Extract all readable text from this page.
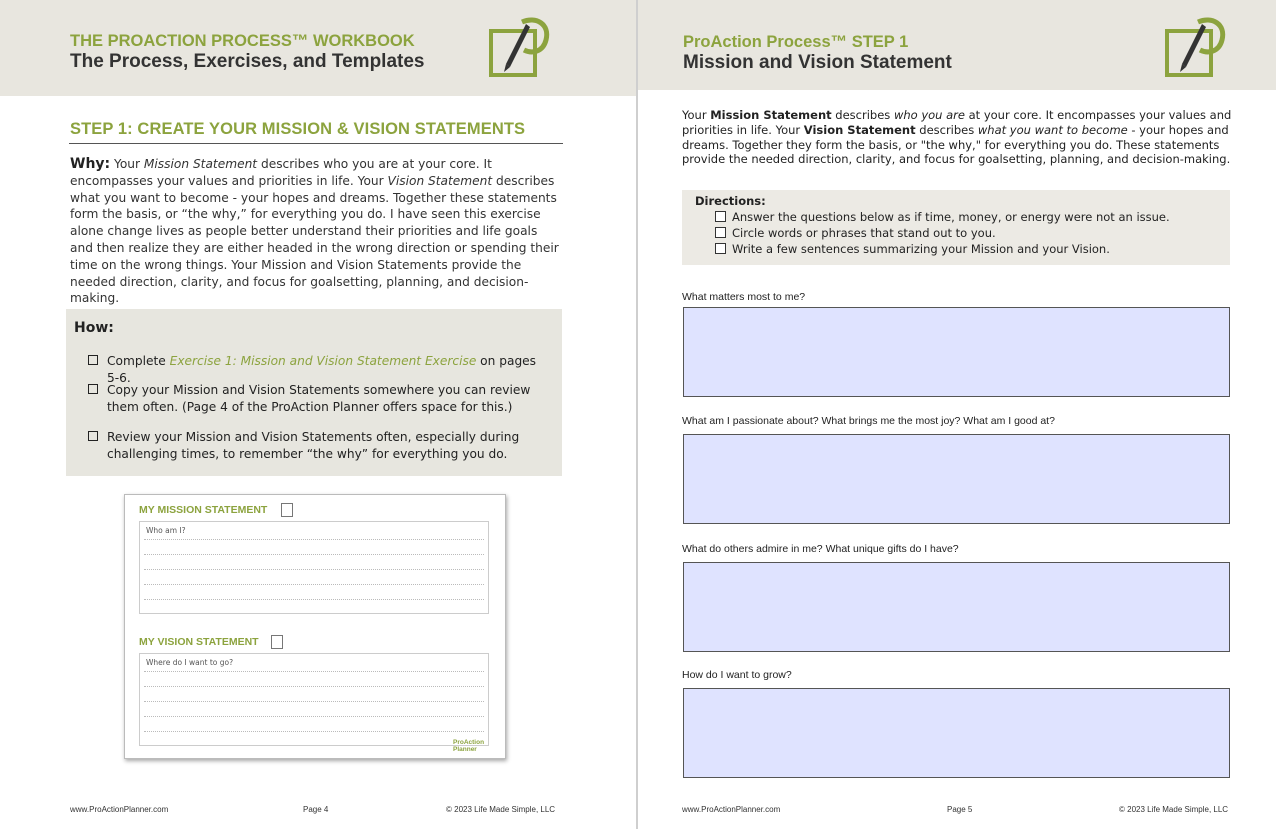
THE PROACTION PROCESS™ WORKBOOK
The Process, Exercises, and Templates
STEP 1: CREATE YOUR MISSION & VISION STATEMENTS
Why: Your Mission Statement describes who you are at your core. It encompasses your values and priorities in life. Your Vision Statement describes what you want to become - your hopes and dreams. Together these statements form the basis, or “the why,” for everything you do. I have seen this exercise alone change lives as people better understand their priorities and life goals and then realize they are either headed in the wrong direction or spending their time on the wrong things. Your Mission and Vision Statements provide the needed direction, clarity, and focus for goalsetting, planning, and decision-making.
How:
Complete Exercise 1: Mission and Vision Statement Exercise on pages 5-6.
Copy your Mission and Vision Statements somewhere you can review them often. (Page 4 of the ProAction Planner offers space for this.)
Review your Mission and Vision Statements often, especially during challenging times, to remember “the why” for everything you do.
MY MISSION STATEMENT
Who am I?
MY VISION STATEMENT
Where do I want to go?
ProAction
Planner
www.ProActionPlanner.com	Page 4	© 2023 Life Made Simple, LLC
ProAction Process™ STEP 1
Mission and Vision Statement
Your Mission Statement describes who you are at your core. It encompasses your values and priorities in life. Your Vision Statement describes what you want to become - your hopes and dreams. Together they form the basis, or "the why," for everything you do. These statements provide the needed direction, clarity, and focus for goalsetting, planning, and decision-making.
Directions:
Answer the questions below as if time, money, or energy were not an issue.
Circle words or phrases that stand out to you.
Write a few sentences summarizing your Mission and your Vision.
What matters most to me?
What am I passionate about? What brings me the most joy? What am I good at?
What do others admire in me? What unique gifts do I have?
How do I want to grow?
www.ProActionPlanner.com	Page 5	© 2023 Life Made Simple, LLC
